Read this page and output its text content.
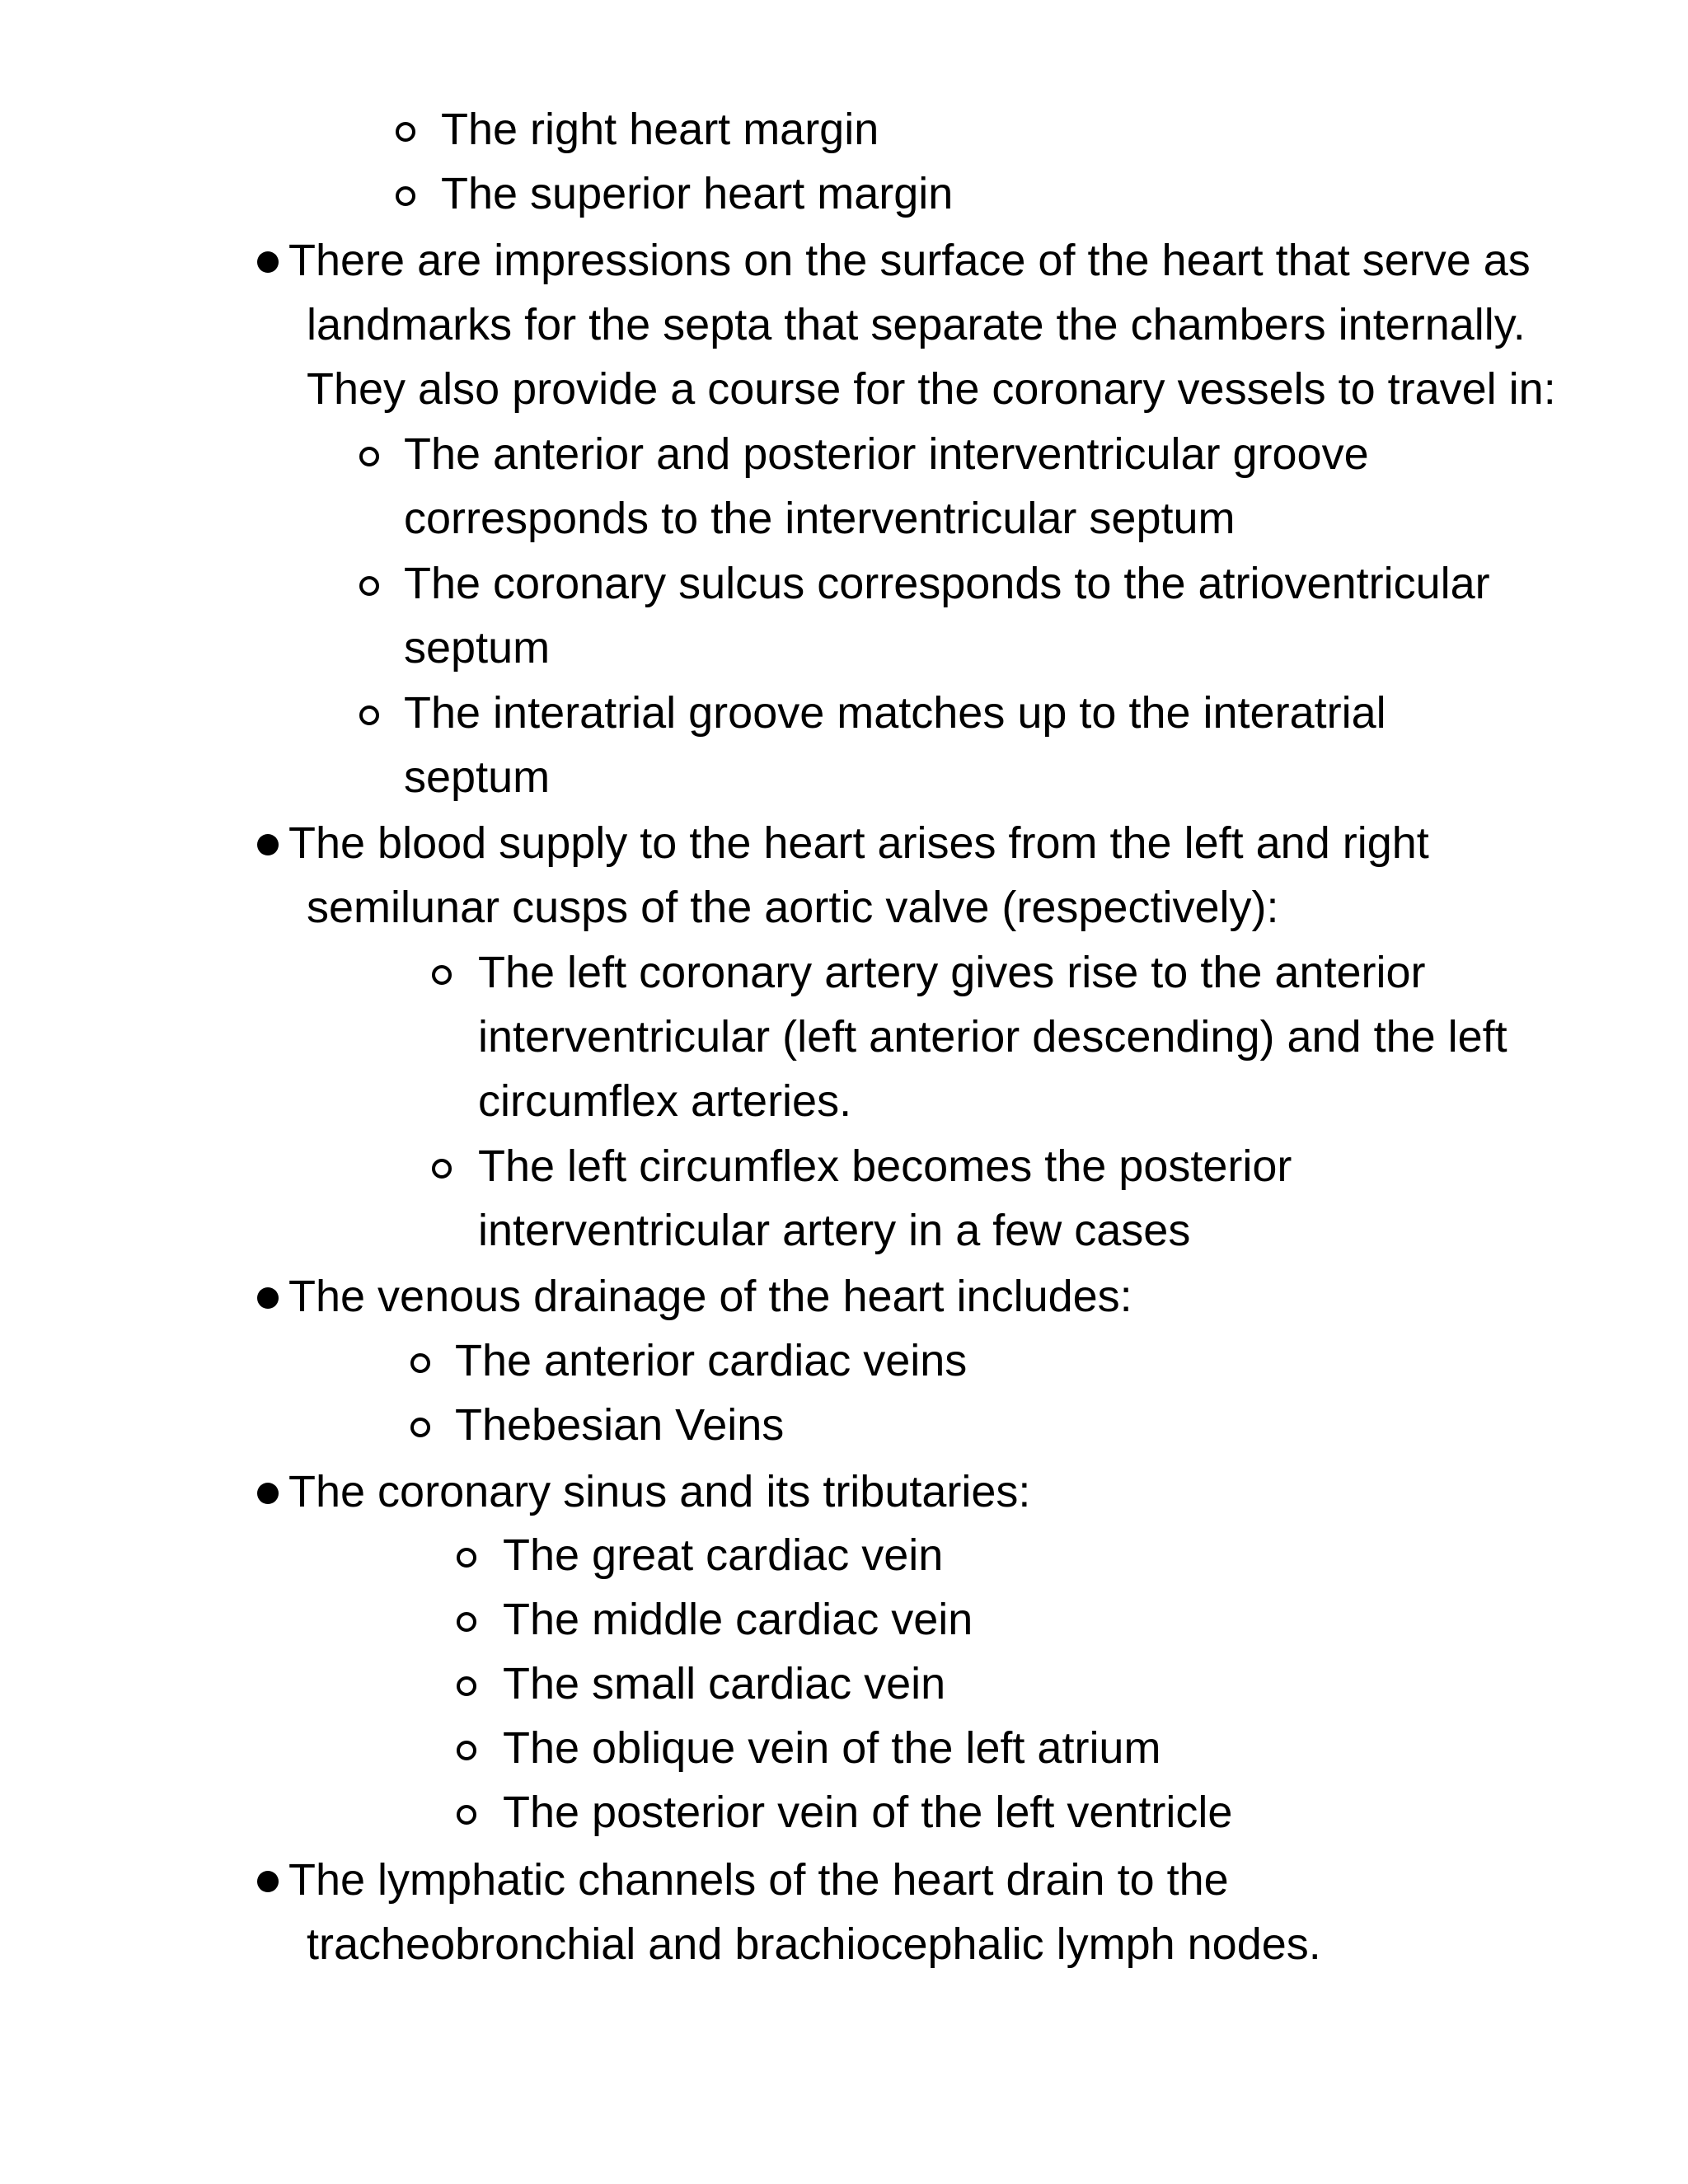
The right heart margin
The superior heart margin
There are impressions on the surface of the heart that serve as
landmarks for the septa that separate the chambers internally.
They also provide a course for the coronary vessels to travel in:
The anterior and posterior interventricular groove
corresponds to the interventricular septum
The coronary sulcus corresponds to the atrioventricular
septum
The interatrial groove matches up to the interatrial
septum
The blood supply to the heart arises from the left and right
semilunar cusps of the aortic valve (respectively):
The left coronary artery gives rise to the anterior
interventricular (left anterior descending) and the left
circumflex arteries.
The left circumflex becomes the posterior
interventricular artery in a few cases
The venous drainage of the heart includes:
The anterior cardiac veins
Thebesian Veins
The coronary sinus and its tributaries:
The great cardiac vein
The middle cardiac vein
The small cardiac vein
The oblique vein of the left atrium
The posterior vein of the left ventricle
The lymphatic channels of the heart drain to the
tracheobronchial and brachiocephalic lymph nodes.
